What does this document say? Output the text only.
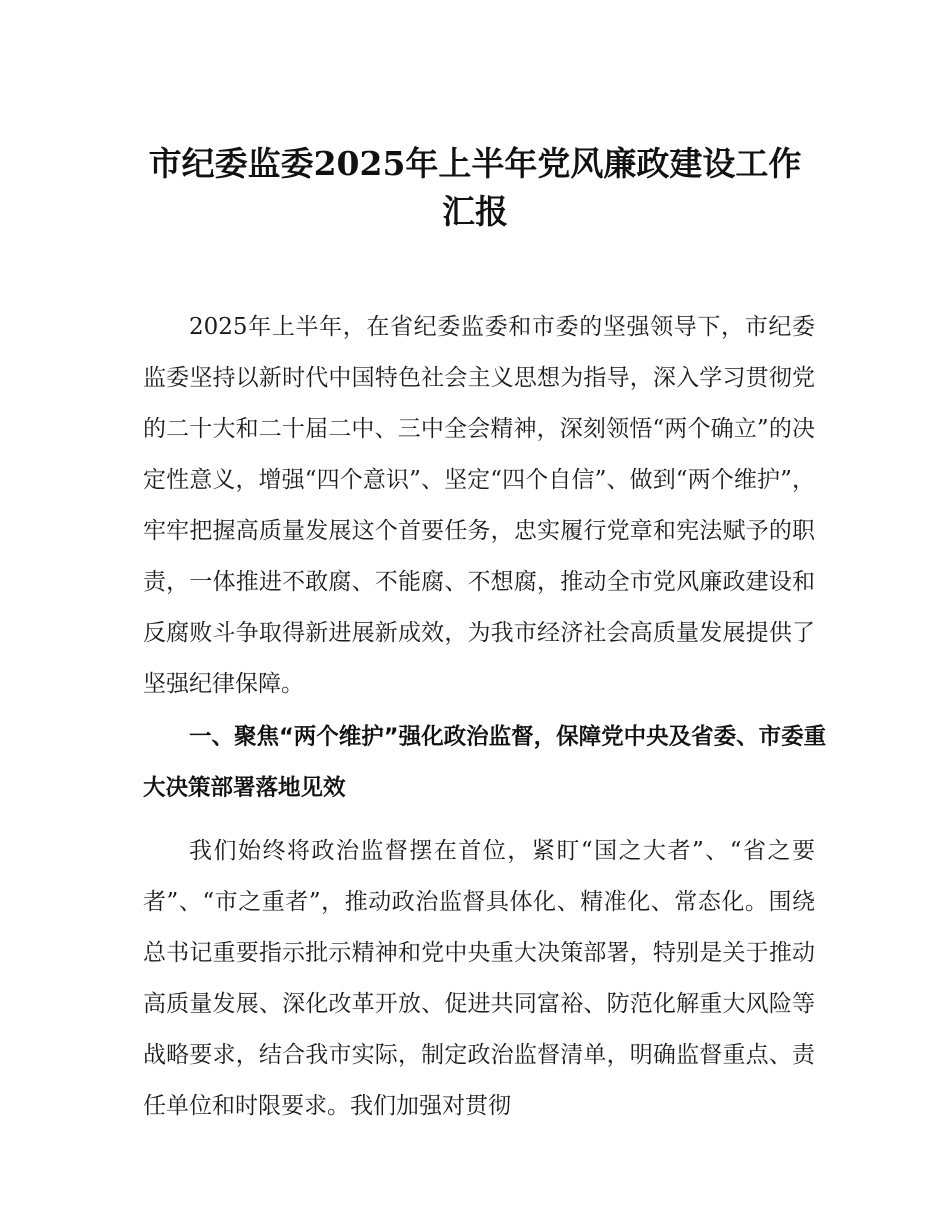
市纪委监委2025年上半年党风廉政建设工作
汇报

2025年上半年，在省纪委监委和市委的坚强领导下，市纪委监委坚持以新时代中国特色社会主义思想为指导，深入学习贯彻党的二十大和二十届二中、三中全会精神，深刻领悟“两个确立”的决定性意义，增强“四个意识”、坚定“四个自信”、做到“两个维护”，牢牢把握高质量发展这个首要任务，忠实履行党章和宪法赋予的职责，一体推进不敢腐、不能腐、不想腐，推动全市党风廉政建设和反腐败斗争取得新进展新成效，为我市经济社会高质量发展提供了坚强纪律保障。

一、聚焦“两个维护”强化政治监督，保障党中央及省委、市委重大决策部署落地见效

我们始终将政治监督摆在首位，紧盯“国之大者”、“省之要者”、“市之重者”，推动政治监督具体化、精准化、常态化。围绕总书记重要指示批示精神和党中央重大决策部署，特别是关于推动高质量发展、深化改革开放、促进共同富裕、防范化解重大风险等战略要求，结合我市实际，制定政治监督清单，明确监督重点、责任单位和时限要求。我们加强对贯彻
